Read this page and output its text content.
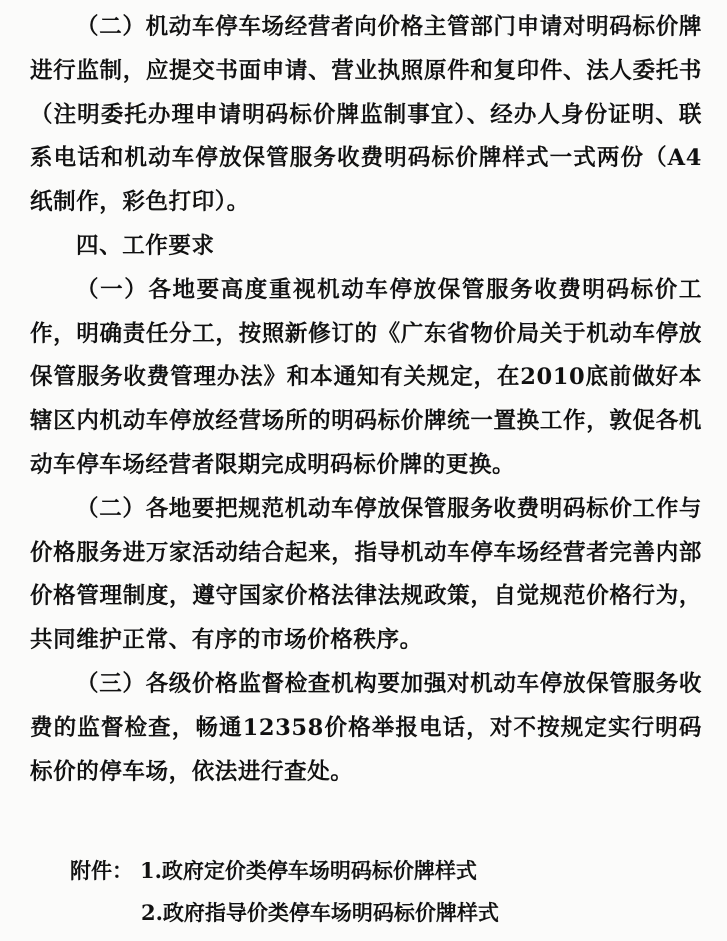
（二）机动车停车场经营者向价格主管部门申请对明码标价牌进行监制，应提交书面申请、营业执照原件和复印件、法人委托书（注明委托办理申请明码标价牌监制事宜）、经办人身份证明、联系电话和机动车停放保管服务收费明码标价牌样式一式两份（A4纸制作，彩色打印）。

四、工作要求

（一）各地要高度重视机动车停放保管服务收费明码标价工作，明确责任分工，按照新修订的《广东省物价局关于机动车停放保管服务收费管理办法》和本通知有关规定，在2010底前做好本辖区内机动车停放经营场所的明码标价牌统一置换工作，敦促各机动车停车场经营者限期完成明码标价牌的更换。

（二）各地要把规范机动车停放保管服务收费明码标价工作与价格服务进万家活动结合起来，指导机动车停车场经营者完善内部价格管理制度，遵守国家价格法律法规政策，自觉规范价格行为，共同维护正常、有序的市场价格秩序。

（三）各级价格监督检查机构要加强对机动车停放保管服务收费的监督检查，畅通12358价格举报电话，对不按规定实行明码标价的停车场，依法进行查处。

附件： 1.政府定价类停车场明码标价牌样式
2.政府指导价类停车场明码标价牌样式
